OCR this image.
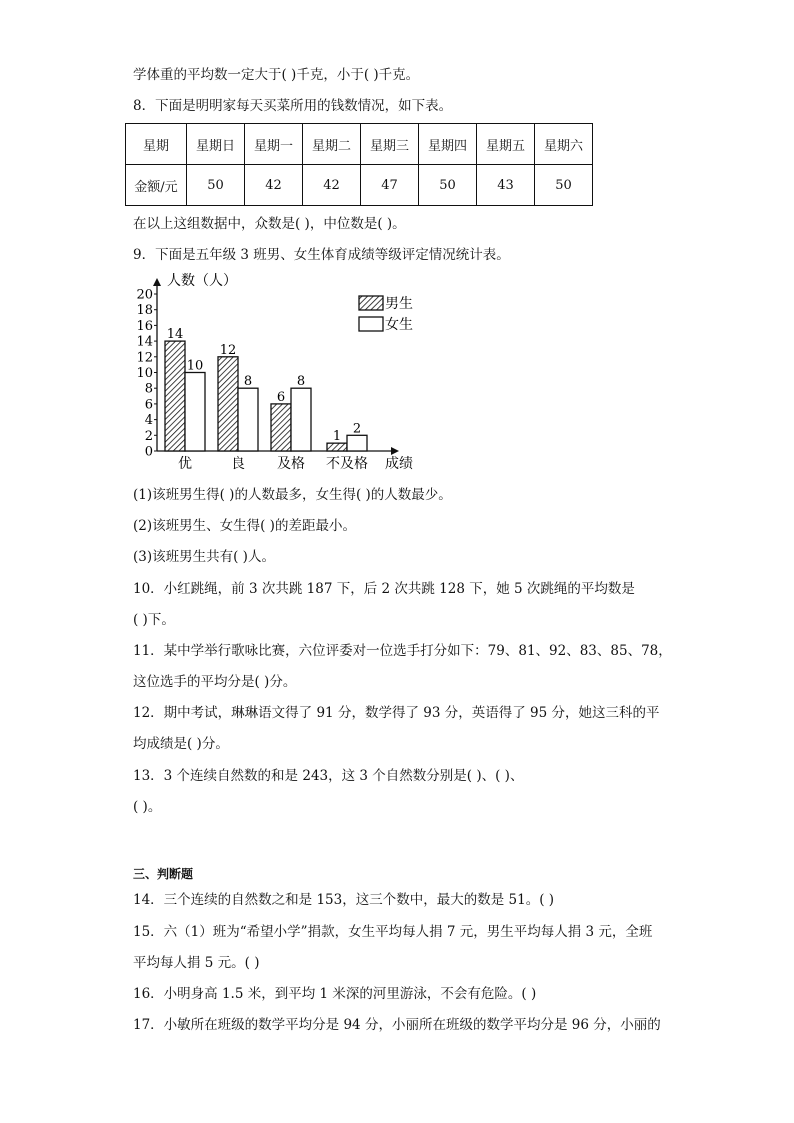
学体重的平均数一定大于( )千克，小于( )千克。
8．下面是明明家每天买菜所用的钱数情况，如下表。
星期	星期日	星期一	星期二	星期三	星期四	星期五	星期六
金额/元	50	42	42	47	50	43	50
在以上这组数据中，众数是( )，中位数是( )。
9．下面是五年级 3 班男、女生体育成绩等级评定情况统计表。
0
2
4
6
8
10
12
14
16
18
20
人数（人）
成绩
14
10
优
12
8
良
6
8
及格
1
2
不及格
男生
女生
(1)该班男生得( )的人数最多，女生得( )的人数最少。
(2)该班男生、女生得( )的差距最小。
(3)该班男生共有( )人。
10．小红跳绳，前 3 次共跳 187 下，后 2 次共跳 128 下，她 5 次跳绳的平均数是
( )下。
11．某中学举行歌咏比赛，六位评委对一位选手打分如下：79、81、92、83、85、78，
这位选手的平均分是( )分。
12．期中考试，琳琳语文得了 91 分，数学得了 93 分，英语得了 95 分，她这三科的平
均成绩是( )分。
13．3 个连续自然数的和是 243，这 3 个自然数分别是( )、( )、
( )。
三、判断题
14．三个连续的自然数之和是 153，这三个数中，最大的数是 51。( )
15．六（1）班为“希望小学”捐款，女生平均每人捐 7 元，男生平均每人捐 3 元，全班
平均每人捐 5 元。( )
16．小明身高 1.5 米，到平均 1 米深的河里游泳，不会有危险。( )
17．小敏所在班级的数学平均分是 94 分，小丽所在班级的数学平均分是 96 分，小丽的
